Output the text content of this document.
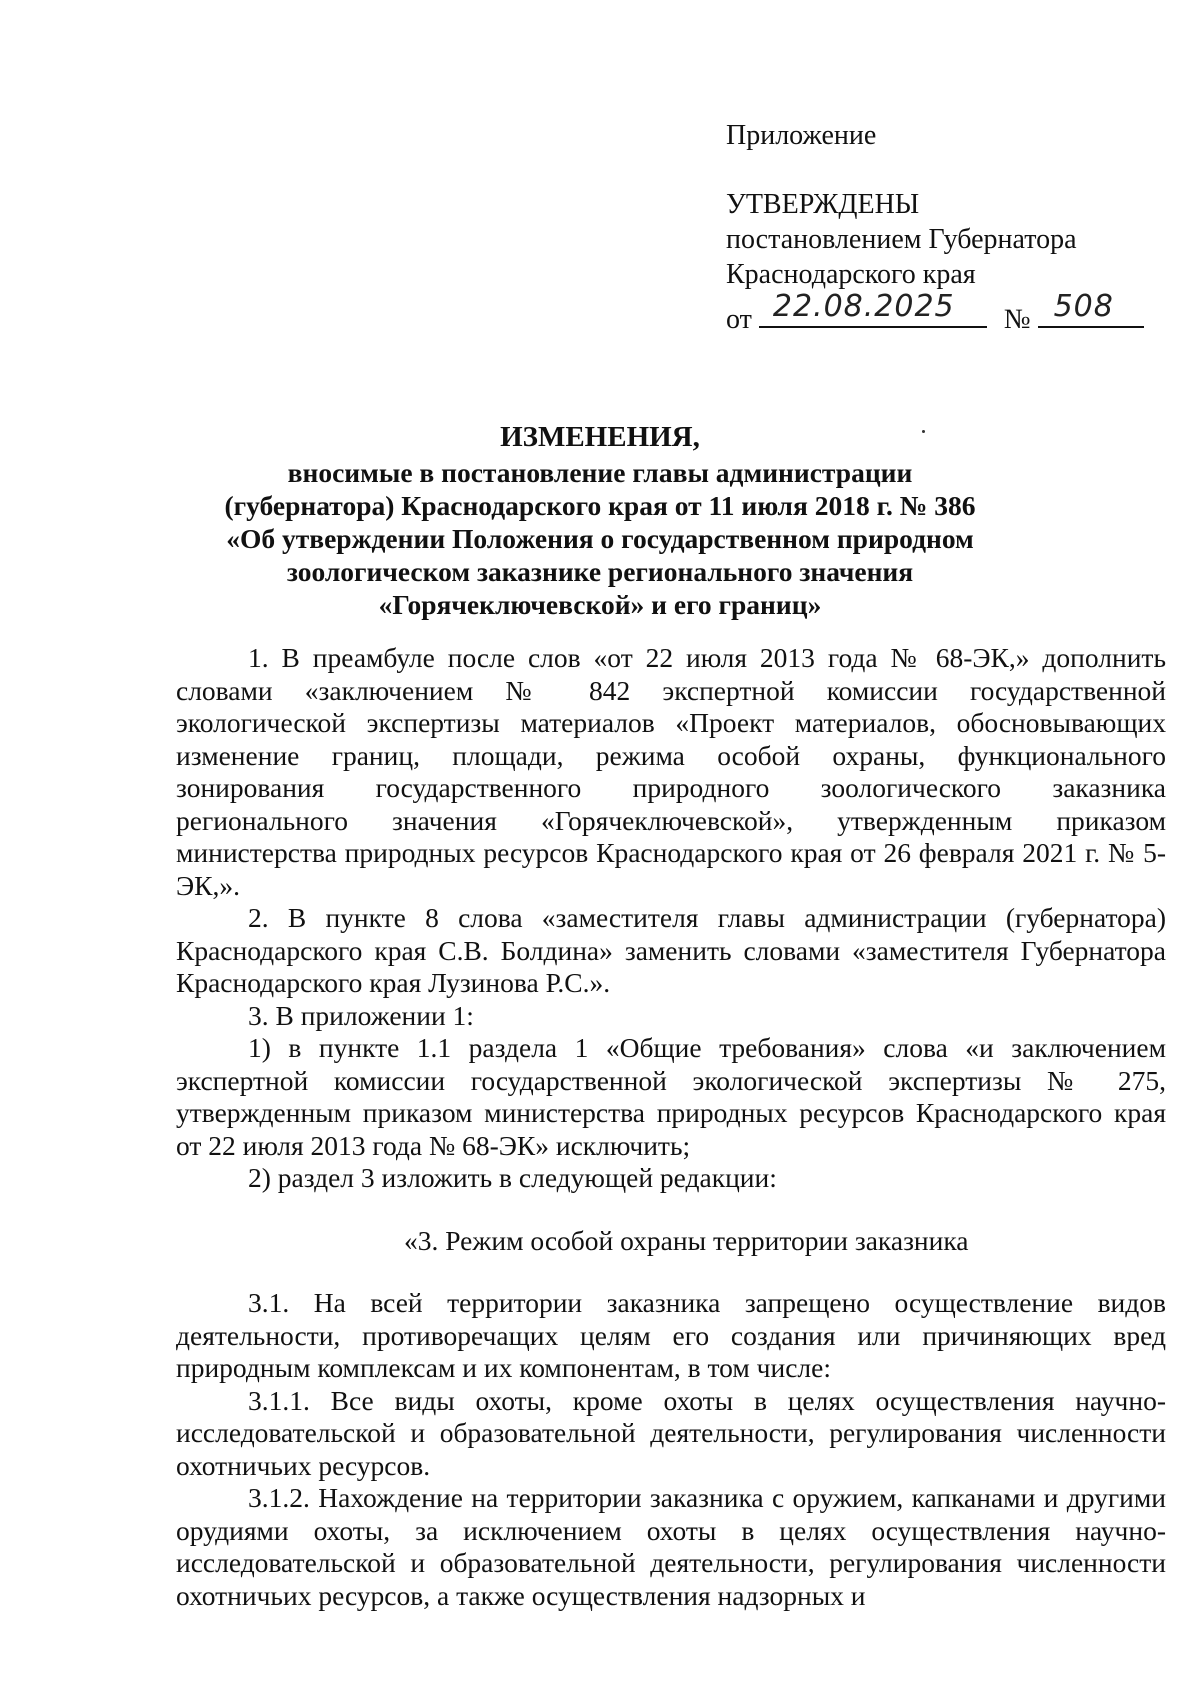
Приложение
УТВЕРЖДЕНЫ
постановлением Губернатора
Краснодарского края
от 22.08.2025 № 508
ИЗМЕНЕНИЯ,
вносимые в постановление главы администрации
(губернатора) Краснодарского края от 11 июля 2018 г. № 386
«Об утверждении Положения о государственном природном
зоологическом заказнике регионального значения
«Горячеключевской» и его границ»

1. В преамбуле после слов «от 22 июля 2013 года № 68-ЭК,» дополнить словами «заключением № 842 экспертной комиссии государственной экологической экспертизы материалов «Проект материалов, обосновывающих изменение границ, площади, режима особой охраны, функционального зонирования государственного природного зоологического заказника регионального значения «Горячеключевской», утвержденным приказом министерства природных ресурсов Краснодарского края от 26 февраля 2021 г. № 5-ЭК,».

2. В пункте 8 слова «заместителя главы администрации (губернатора) Краснодарского края С.В. Болдина» заменить словами «заместителя Губернатора Краснодарского края Лузинова Р.С.».

3. В приложении 1:

1) в пункте 1.1 раздела 1 «Общие требования» слова «и заключением экспертной комиссии государственной экологической экспертизы № 275, утвержденным приказом министерства природных ресурсов Краснодарского края от 22 июля 2013 года № 68-ЭК» исключить;

2) раздел 3 изложить в следующей редакции:

«3. Режим особой охраны территории заказника

3.1. На всей территории заказника запрещено осуществление видов деятельности, противоречащих целям его создания или причиняющих вред природным комплексам и их компонентам, в том числе:

3.1.1. Все виды охоты, кроме охоты в целях осуществления научно-исследовательской и образовательной деятельности, регулирования численности охотничьих ресурсов.

3.1.2. Нахождение на территории заказника с оружием, капканами и другими орудиями охоты, за исключением охоты в целях осуществления научно-исследовательской и образовательной деятельности, регулирования численности охотничьих ресурсов, а также осуществления надзорных и
